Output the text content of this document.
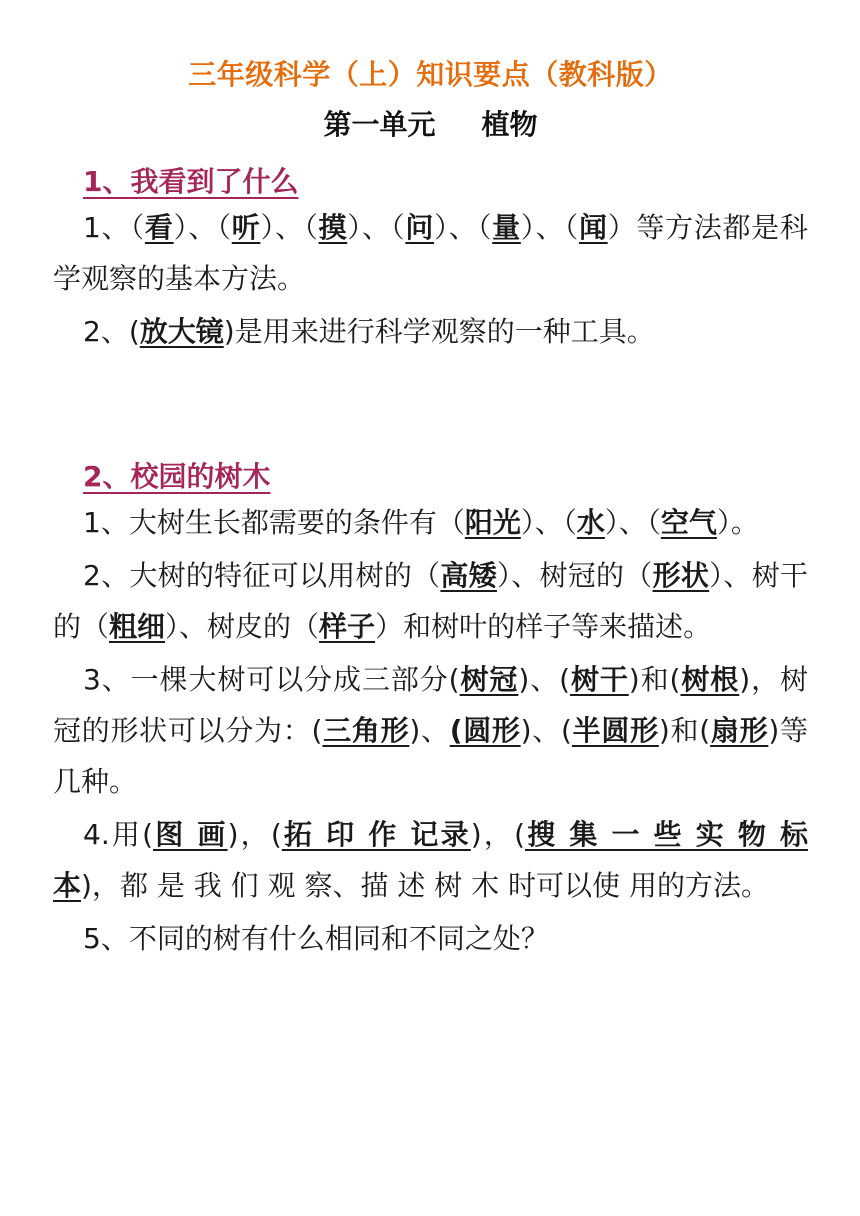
三年级科学（上）知识要点（教科版）
第一单元 植物
1、我看到了什么

1、（看）、（听）、（摸）、（问）、（量）、（闻）等方法都是科学观察的基本方法。

2、(放大镜)是用来进行科学观察的一种工具。

2、校园的树木

1、大树生长都需要的条件有（阳光）、（水）、（空气）。

2、大树的特征可以用树的（高矮）、树冠的（形状）、树干的（粗细）、树皮的（样子）和树叶的样子等来描述。

3、一棵大树可以分成三部分(树冠)、(树干)和(树根)，树冠的形状可以分为：(三角形)、(圆形)、(半圆形)和(扇形)等几种。

4.用(图 画)，(拓 印 作 记录)，(搜 集 一 些 实 物 标 本)，都 是 我 们 观 察、描 述 树 木 时可以使 用的方法。

5、不同的树有什么相同和不同之处？
